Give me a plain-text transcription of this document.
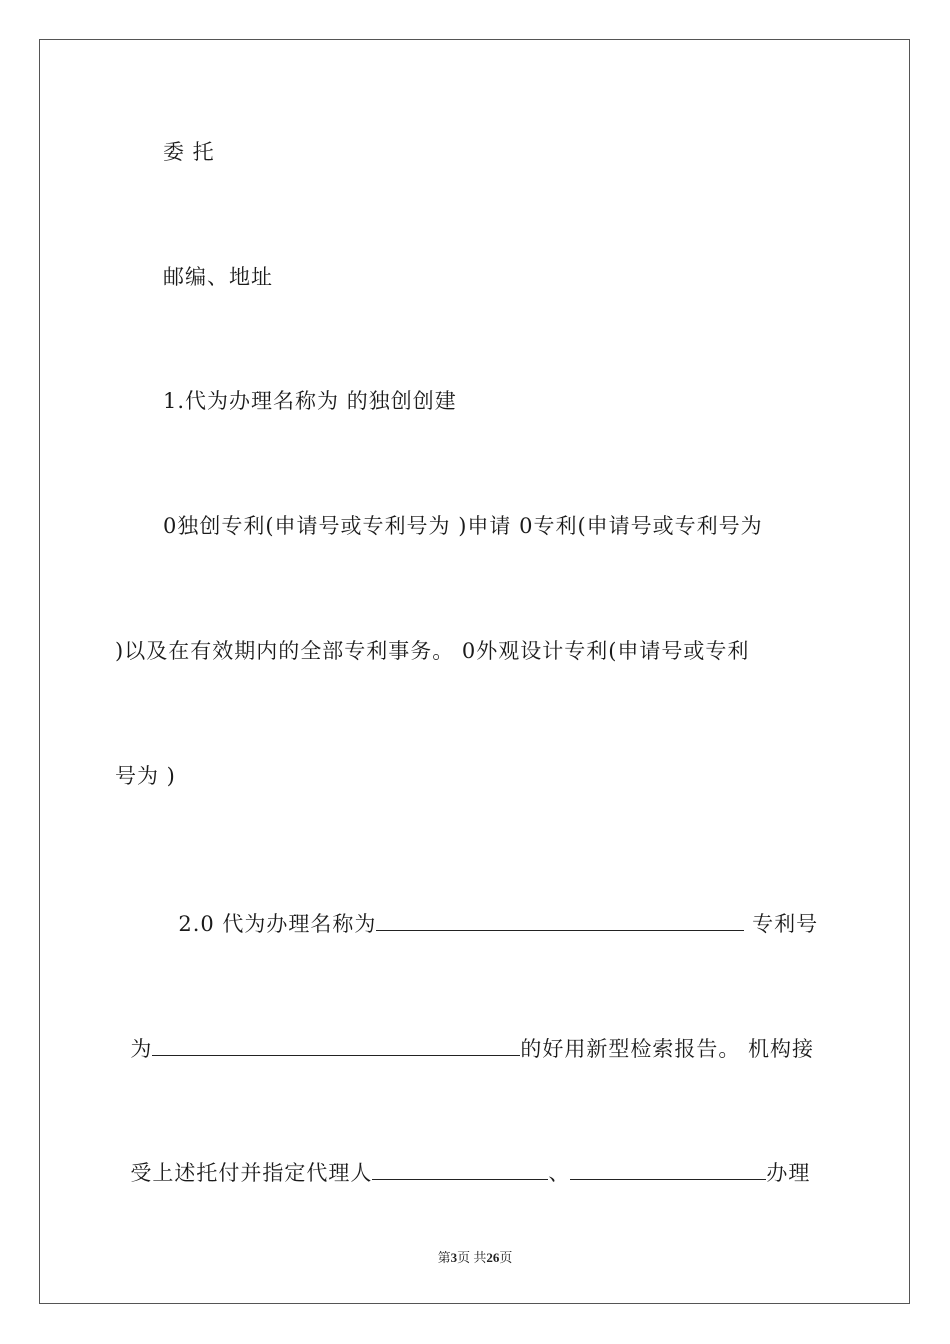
委 托
邮编、地址
1.代为办理名称为 的独创创建
0独创专利(申请号或专利号为 )申请 0专利(申请号或专利号为
)以及在有效期内的全部专利事务。 0外观设计专利(申请号或专利
号为 )

2.0 代为办理名称为	专利号

为	的好用新型检索报告。 机构接

受上述托付并指定代理人	、	办理

第3页 共26页
